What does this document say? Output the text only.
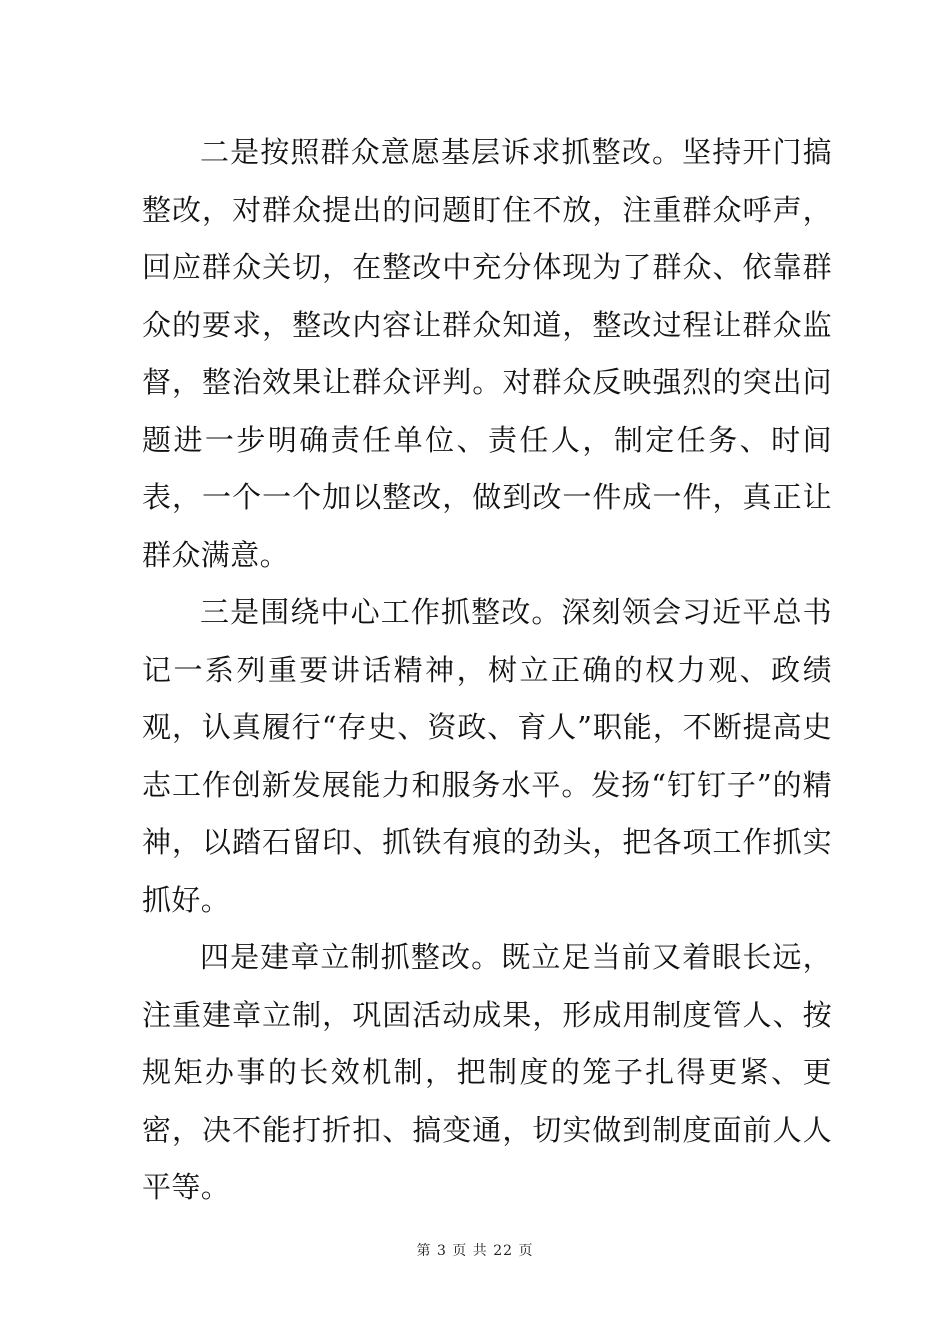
二是按照群众意愿基层诉求抓整改。坚持开门搞整改，对群众提出的问题盯住不放，注重群众呼声，回应群众关切，在整改中充分体现为了群众、依靠群众的要求，整改内容让群众知道，整改过程让群众监督，整治效果让群众评判。对群众反映强烈的突出问题进一步明确责任单位、责任人，制定任务、时间表，一个一个加以整改，做到改一件成一件，真正让群众满意。

三是围绕中心工作抓整改。深刻领会习近平总书记一系列重要讲话精神，树立正确的权力观、政绩观，认真履行“存史、资政、育人”职能，不断提高史志工作创新发展能力和服务水平。发扬“钉钉子”的精神，以踏石留印、抓铁有痕的劲头，把各项工作抓实抓好。

四是建章立制抓整改。既立足当前又着眼长远，注重建章立制，巩固活动成果，形成用制度管人、按规矩办事的长效机制，把制度的笼子扎得更紧、更密，决不能打折扣、搞变通，切实做到制度面前人人平等。

第 3 页 共 22 页
